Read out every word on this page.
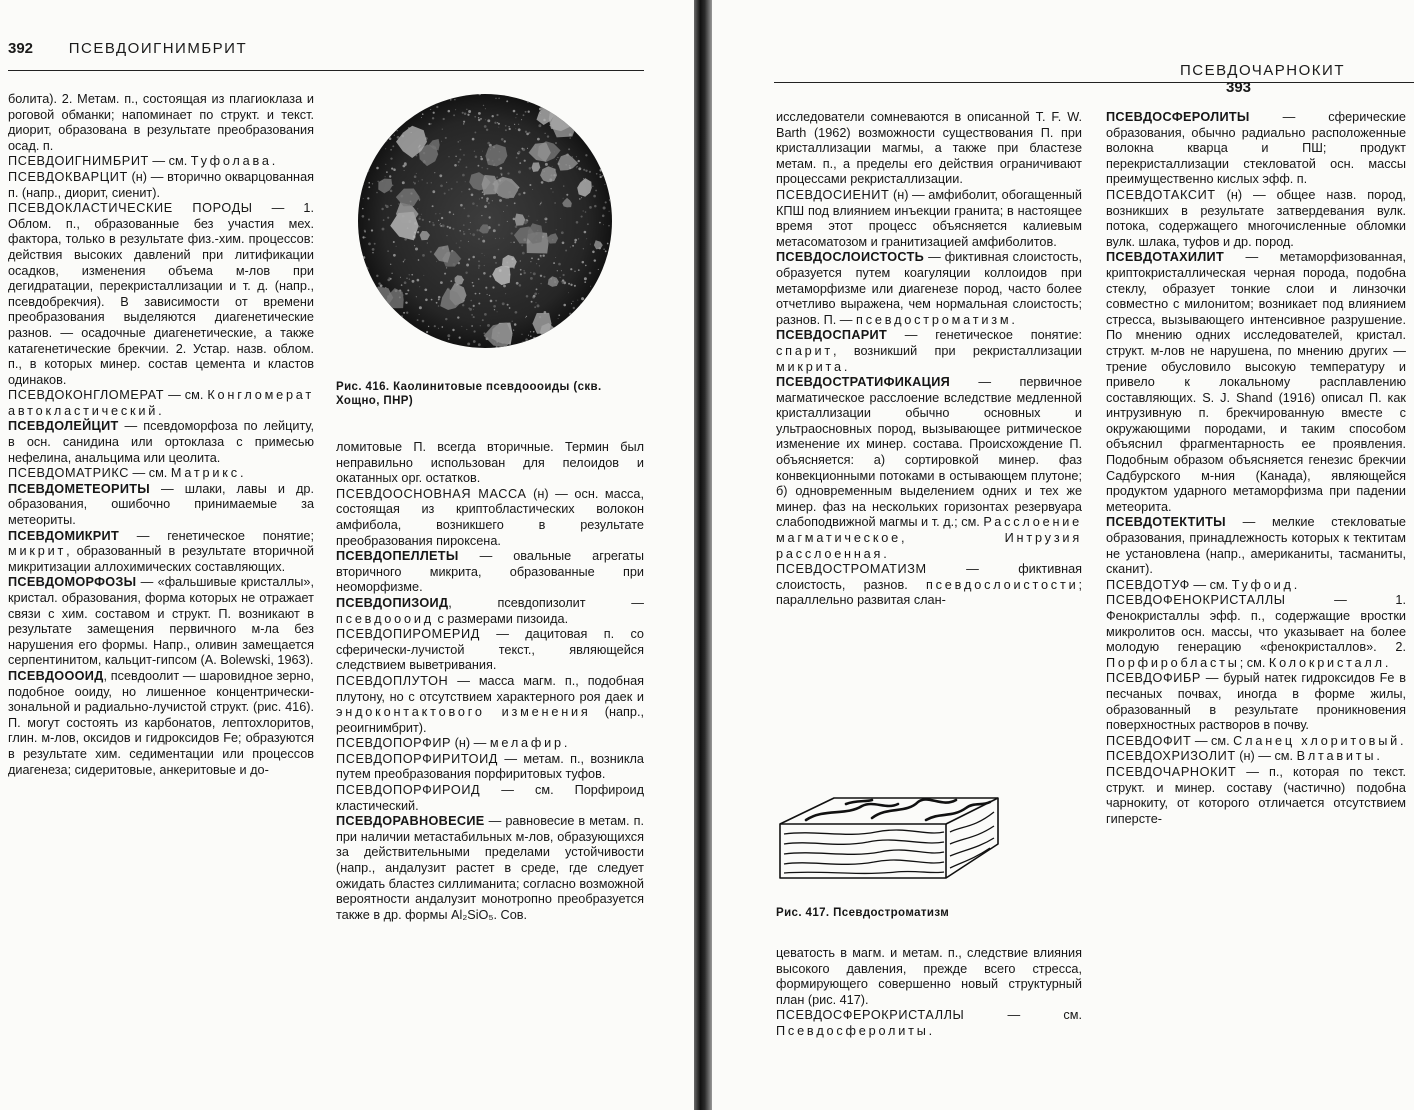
392 ПСЕВДОИГНИМБРИТ

болита). 2. Метам. п., состоящая из плагиоклаза и роговой обманки; напоминает по структ. и текст. диорит, образована в результате преобразования осад. п.

ПСЕВДОИГНИМБРИТ — см. Туфолава.

ПСЕВДОКВАРЦИТ (н) — вторично окварцованная п. (напр., диорит, сиенит).

ПСЕВДОКЛАСТИЧЕСКИЕ ПОРОДЫ — 1. Облом. п., образованные без участия мех. фактора, только в результате физ.-хим. процессов: действия высоких давлений при литификации осадков, изменения объема м-лов при дегидратации, перекристаллизации и т. д. (напр., псевдобрекчия). В зависимости от времени преобразования выделяются диагенетические разнов. — осадочные диагенетические, а также катагенетические брекчии. 2. Устар. назв. облом. п., в которых минер. состав цемента и кластов одинаков.

ПСЕВДОКОНГЛОМЕРАТ — см. Конгломерат автокластический.

ПСЕВДОЛЕЙЦИТ — псевдоморфоза по лейциту, в осн. санидина или ортоклаза с примесью нефелина, анальцима или цеолита.

ПСЕВДОМАТРИКС — см. Матрикс.

ПСЕВДОМЕТЕОРИТЫ — шлаки, лавы и др. образования, ошибочно принимаемые за метеориты.

ПСЕВДОМИКРИТ — генетическое понятие; микрит, образованный в результате вторичной микритизации аллохимических составляющих.

ПСЕВДОМОРФОЗЫ — «фальшивые кристаллы», кристал. образования, форма которых не отражает связи с хим. составом и структ. П. возникают в результате замещения первичного м-ла без нарушения его формы. Напр., оливин замещается серпентинитом, кальцит-гипсом (A. Bolewski, 1963).

ПСЕВДОООИД, псевдоолит — шаровидное зерно, подобное ооиду, но лишенное концентрически-зональной и радиально-лучистой структ. (рис. 416). П. могут состоять из карбонатов, лептохлоритов, глин. м-лов, оксидов и гидроксидов Fe; образуются в результате хим. седиментации или процессов диагенеза; сидеритовые, анкеритовые и до-

Рис. 416. Каолинитовые псевдоооиды (скв. Хощно, ПНР)

ломитовые П. всегда вторичные. Термин был неправильно использован для пелоидов и окатанных орг. остатков.

ПСЕВДООСНОВНАЯ МАССА (н) — осн. масса, состоящая из криптобластических волокон амфибола, возникшего в результате преобразования пироксена.

ПСЕВДОПЕЛЛЕТЫ — овальные агрегаты вторичного микрита, образованные при неоморфизме.

ПСЕВДОПИЗОИД, псевдопизолит — псевдоооид с размерами пизоида.

ПСЕВДОПИРОМЕРИД — дацитовая п. со сферически-лучистой текст., являющейся следствием выветривания.

ПСЕВДОПЛУТОН — масса магм. п., подобная плутону, но с отсутствием характерного роя даек и эндоконтактового изменения (напр., реоигнимбрит).

ПСЕВДОПОРФИР (н) — мелафир.

ПСЕВДОПОРФИРИТОИД — метам. п., возникла путем преобразования порфиритовых туфов.

ПСЕВДОПОРФИРОИД — см. Порфироид кластический.

ПСЕВДОРАВНОВЕСИЕ — равновесие в метам. п. при наличии метастабильных м-лов, образующихся за действительными пределами устойчивости (напр., андалузит растет в среде, где следует ожидать бластез силлиманита; согласно возможной вероятности андалузит монотропно преобразуется также в др. формы Al₂SiO₅. Сов.

ПСЕВДОЧАРНОКИТ 393

исследователи сомневаются в описанной T. F. W. Barth (1962) возможности существования П. при кристаллизации магмы, а также при бластезе метам. п., а пределы его действия ограничивают процессами рекристаллизации.

ПСЕВДОСИЕНИТ (н) — амфиболит, обогащенный КПШ под влиянием инъекции гранита; в настоящее время этот процесс объясняется калиевым метасоматозом и гранитизацией амфиболитов.

ПСЕВДОСЛОИСТОСТЬ — фиктивная слоистость, образуется путем коагуляции коллоидов при метаморфизме или диагенезе пород, часто более отчетливо выражена, чем нормальная слоистость; разнов. П. — псевдостроматизм.

ПСЕВДОСПАРИТ — генетическое понятие: спарит, возникший при рекристаллизации микрита.

ПСЕВДОСТРАТИФИКАЦИЯ — первичное магматическое расслоение вследствие медленной кристаллизации обычно основных и ультраосновных пород, вызывающее ритмическое изменение их минер. состава. Происхождение П. объясняется: а) сортировкой минер. фаз конвекционными потоками в остывающем плутоне; б) одновременным выделением одних и тех же минер. фаз на нескольких горизонтах резервуара слабоподвижной магмы и т. д.; см. Расслоение магматическое, Интрузия расслоенная.

ПСЕВДОСТРОМАТИЗМ — фиктивная слоистость, разнов. псевдослоистости; параллельно развитая слан-

Рис. 417. Псевдостроматизм

цеватость в магм. и метам. п., следствие влияния высокого давления, прежде всего стресса, формирующего совершенно новый структурный план (рис. 417).

ПСЕВДОСФЕРОКРИСТАЛЛЫ — см. Псевдосферолиты.

ПСЕВДОСФЕРОЛИТЫ — сферические образования, обычно радиально расположенные волокна кварца и ПШ; продукт перекристаллизации стекловатой осн. массы преимущественно кислых эфф. п.

ПСЕВДОТАКСИТ (н) — общее назв. пород, возникших в результате затвердевания вулк. потока, содержащего многочисленные обломки вулк. шлака, туфов и др. пород.

ПСЕВДОТАХИЛИТ — метаморфизованная, криптокристаллическая черная порода, подобна стеклу, образует тонкие слои и линзочки совместно с милонитом; возникает под влиянием стресса, вызывающего интенсивное разрушение. По мнению одних исследователей, кристал. структ. м-лов не нарушена, по мнению других — трение обусловило высокую температуру и привело к локальному расплавлению составляющих. S. J. Shand (1916) описал П. как интрузивную п. брекчированную вместе с окружающими породами, и таким способом объяснил фрагментарность ее проявления. Подобным образом объясняется генезис брекчии Садбурского м-ния (Канада), являющейся продуктом ударного метаморфизма при падении метеорита.

ПСЕВДОТЕКТИТЫ — мелкие стекловатые образования, принадлежность которых к тектитам не установлена (напр., американиты, тасманиты, сканит).

ПСЕВДОТУФ — см. Туфоид.

ПСЕВДОФЕНОКРИСТАЛЛЫ — 1. Фенокристаллы эфф. п., содержащие вростки микролитов осн. массы, что указывает на более молодую генерацию «фенокристаллов». 2. Порфиробласты; см. Колокристалл.

ПСЕВДОФИБР — бурый натек гидроксидов Fe в песчаных почвах, иногда в форме жилы, образованный в результате проникновения поверхностных растворов в почву.

ПСЕВДОФИТ — см. Сланец хлоритовый.

ПСЕВДОХРИЗОЛИТ (н) — см. Влтавиты.

ПСЕВДОЧАРНОКИТ — п., которая по текст. структ. и минер. составу (частично) подобна чарнокиту, от которого отличается отсутствием гиперсте-
